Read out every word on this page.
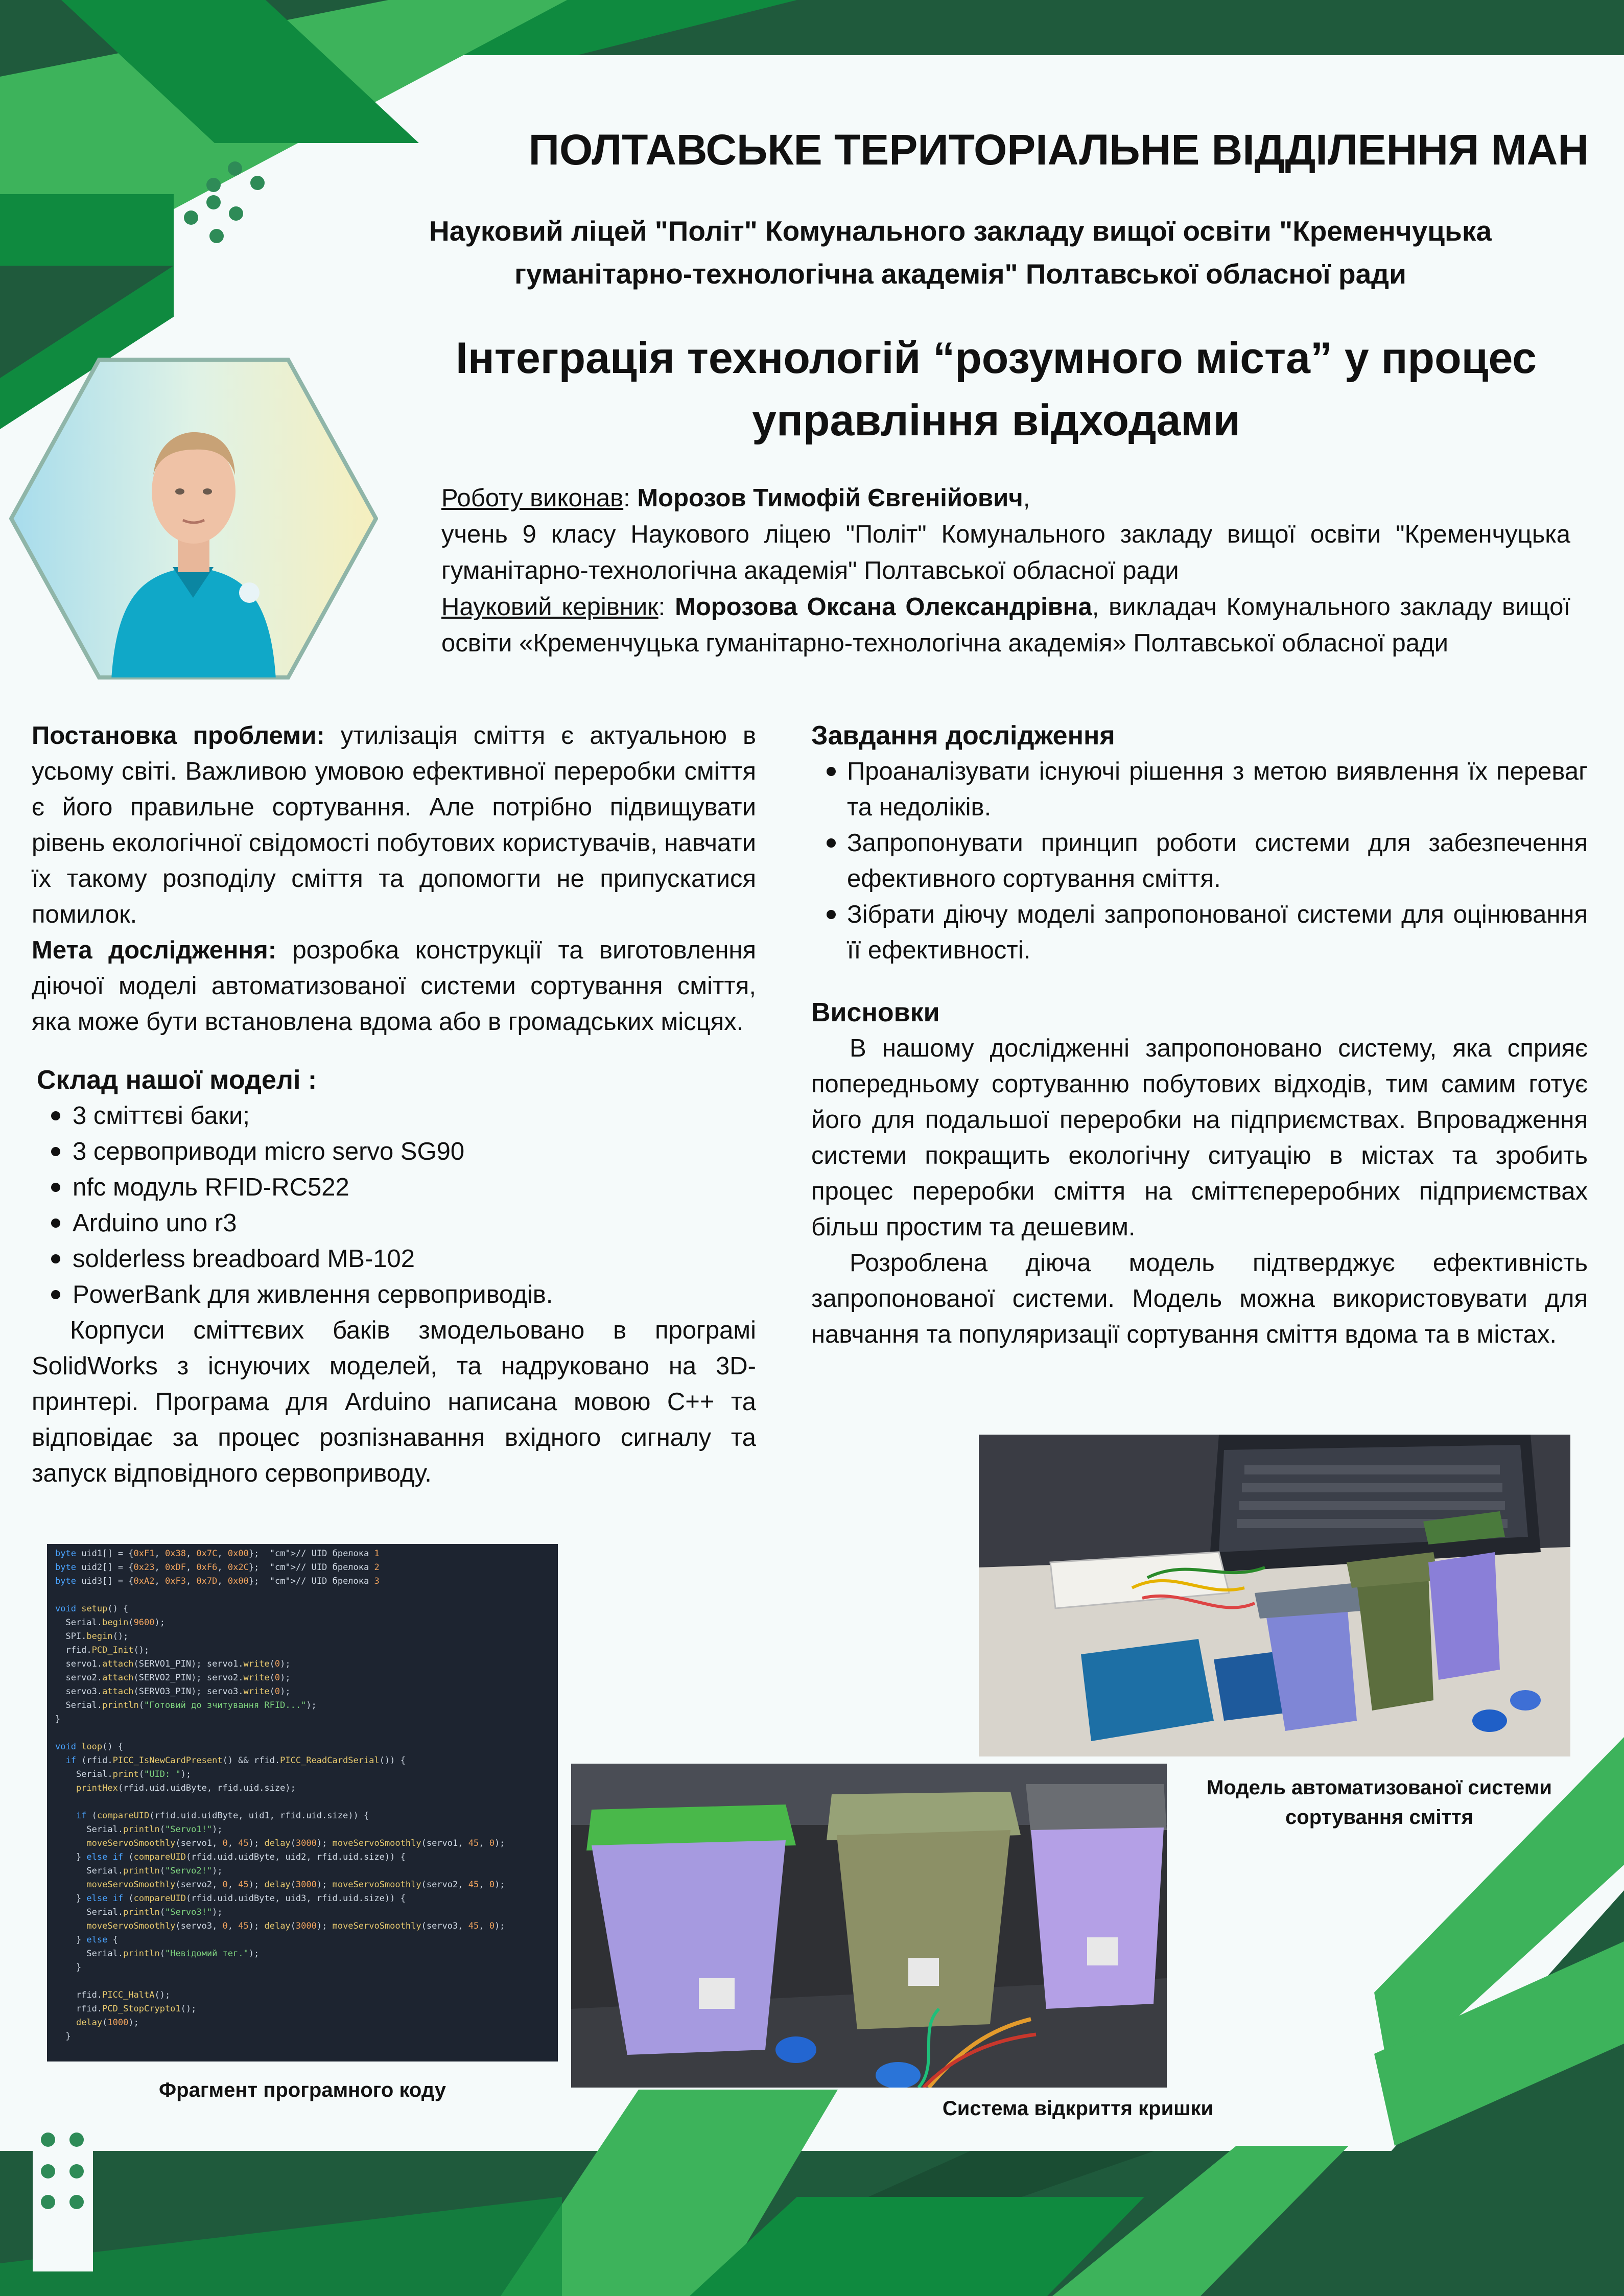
ПОЛТАВСЬКЕ ТЕРИТОРІАЛЬНЕ ВІДДІЛЕННЯ МАН
Науковий ліцей "Політ" Комунального закладу вищої освіти "Кременчуцька
гуманітарно-технологічна академія" Полтавської обласної ради
Інтеграція технологій “розумного міста” у процес
управління відходами
Роботу виконав: Морозов Тимофій Євгенійович,
учень 9 класу Наукового ліцею "Політ" Комунального закладу вищої освіти "Кременчуцька гуманітарно-технологічна академія" Полтавської обласної ради
Науковий керівник: Морозова Оксана Олександрівна, викладач Комунального закладу вищої освіти «Кременчуцька гуманітарно-технологічна академія» Полтавської обласної ради
Постановка проблеми: утилізація сміття є актуальною в усьому світі. Важливою умовою ефективної переробки сміття є його правильне сортування. Але потрібно підвищувати рівень екологічної свідомості побутових користувачів, навчати їх такому розподілу сміття та допомогти не припускатися помилок.
Мета дослідження: розробка конструкції та виготовлення діючої моделі автоматизованої системи сортування сміття, яка може бути встановлена вдома або в громадських місцях.
Склад нашої моделі :
3 сміттєві баки;
3 сервоприводи micro servo SG90
nfc модуль RFID-RC522
Arduino uno r3
solderless breadboard MB-102
PowerBank для живлення сервоприводів.
Корпуси сміттєвих баків змодельовано в програмі SolidWorks з існуючих моделей, та надруковано на 3D-принтері. Програма для Arduino написана мовою C++ та відповідає за процес розпізнавання вхідного сигналу та запуск відповідного сервоприводу.
Завдання дослідження
Проаналізувати існуючі рішення з метою виявлення їх переваг та недоліків.
Запропонувати принцип роботи системи для забезпечення ефективного сортування сміття.
Зібрати діючу моделі запропонованої системи для оцінювання її ефективності.
Висновки
В нашому дослідженні запропоновано систему, яка сприяє попередньому сортуванню побутових відходів, тим самим готує його для подальшої переробки на підприємствах. Впровадження системи покращить екологічну ситуацію в містах та зробить процес переробки сміття на сміттєпереробних підприємствах більш простим та дешевим.
Розроблена діюча модель підтверджує ефективність запропонованої системи. Модель можна використовувати для навчання та популяризації сортування сміття вдома та в містах.
byte uid1[] = {0xF1, 0x38, 0x7C, 0x00};  "cm">// UID брелока 1
byte uid2[] = {0x23, 0xDF, 0xF6, 0x2C};  "cm">// UID брелока 2
byte uid3[] = {0xA2, 0xF3, 0x7D, 0x00};  "cm">// UID брелока 3

void setup() {
Serial.begin(9600);
SPI.begin();
rfid.PCD_Init();
servo1.attach(SERVO1_PIN); servo1.write(0);
servo2.attach(SERVO2_PIN); servo2.write(0);
servo3.attach(SERVO3_PIN); servo3.write(0);
Serial.println("Готовий до зчитування RFID...");
}

void loop() {
if (rfid.PICC_IsNewCardPresent() && rfid.PICC_ReadCardSerial()) {
Serial.print("UID: ");
printHex(rfid.uid.uidByte, rfid.uid.size);

if (compareUID(rfid.uid.uidByte, uid1, rfid.uid.size)) {
Serial.println("Servo1!");
moveServoSmoothly(servo1, 0, 45); delay(3000); moveServoSmoothly(servo1, 45, 0);
} else if (compareUID(rfid.uid.uidByte, uid2, rfid.uid.size)) {
Serial.println("Servo2!");
moveServoSmoothly(servo2, 0, 45); delay(3000); moveServoSmoothly(servo2, 45, 0);
} else if (compareUID(rfid.uid.uidByte, uid3, rfid.uid.size)) {
Serial.println("Servo3!");
moveServoSmoothly(servo3, 0, 45); delay(3000); moveServoSmoothly(servo3, 45, 0);
} else {
Serial.println("Невідомий тег.");
}

rfid.PICC_HaltA();
rfid.PCD_StopCrypto1();
delay(1000);
}
Фрагмент програмного коду
Модель автоматизованої системи
сортування сміття
Система відкриття кришки
